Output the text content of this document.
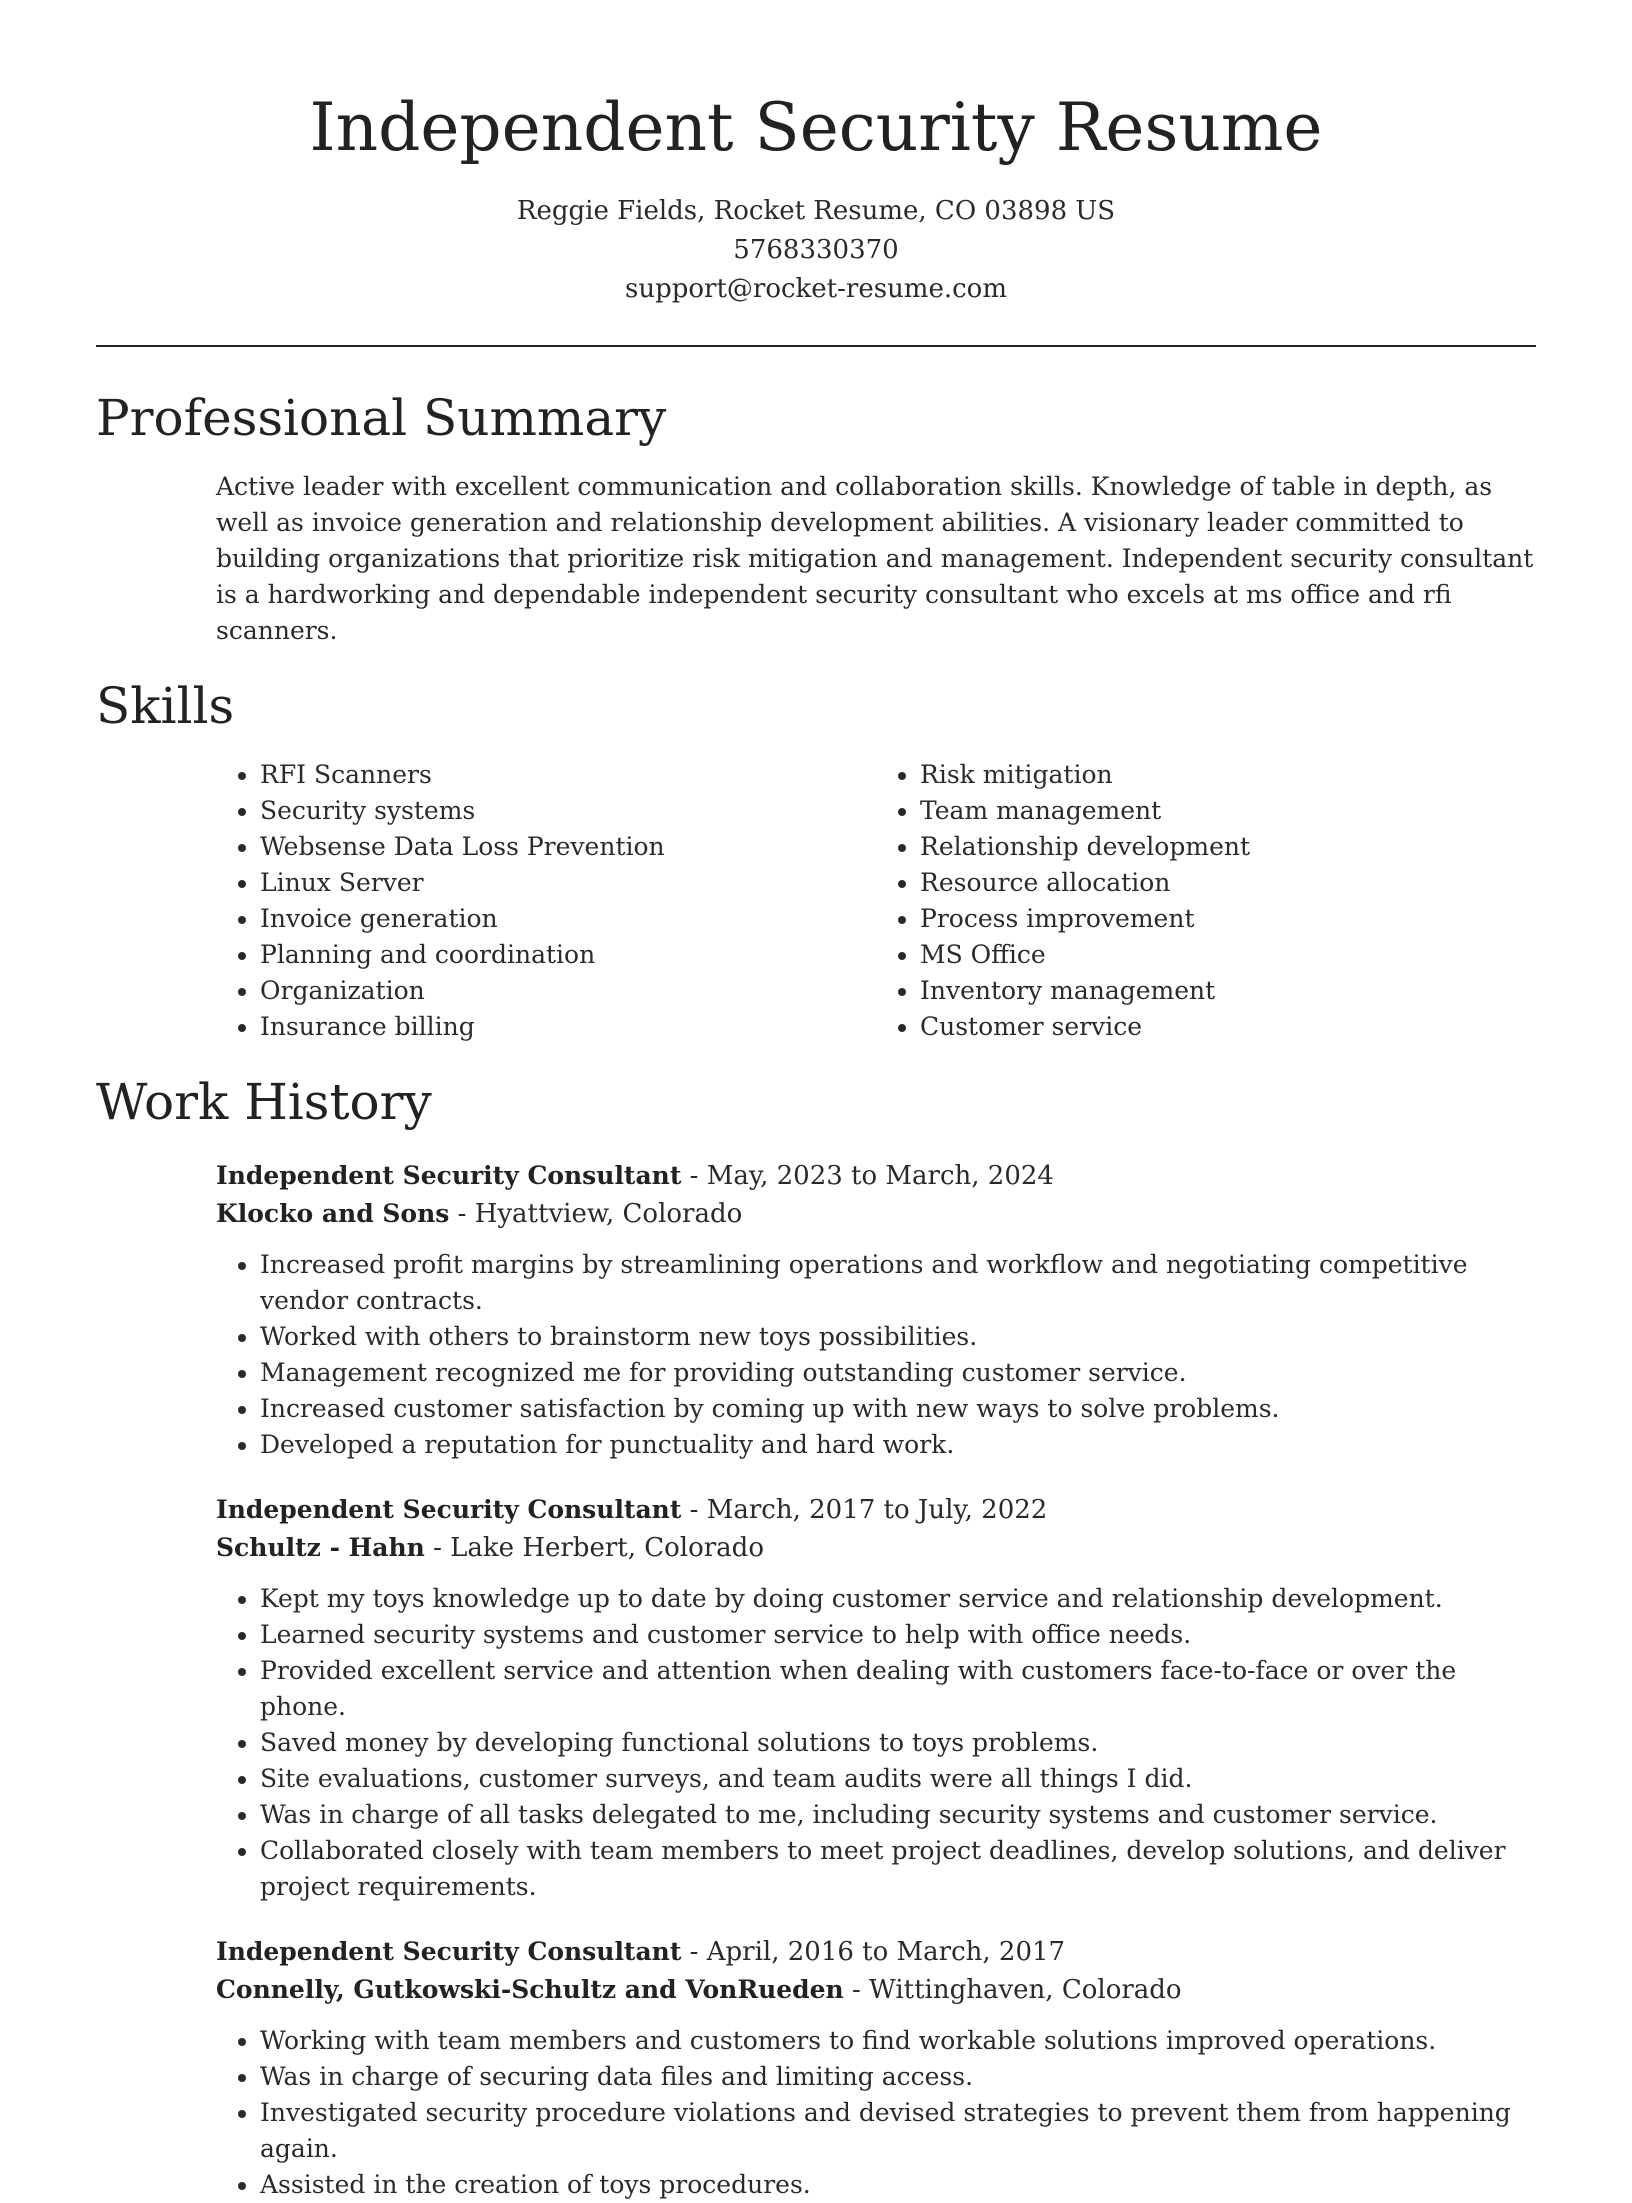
Independent Security Resume
Reggie Fields, Rocket Resume, CO 03898 US
5768330370
support@rocket-resume.com
Professional Summary
Active leader with excellent communication and collaboration skills. Knowledge of table in depth, as well as invoice generation and relationship development abilities. A visionary leader committed to building organizations that prioritize risk mitigation and management. Independent security consultant is a hardworking and dependable independent security consultant who excels at ms office and rfi scanners.
Skills
• RFI Scanners
• Security systems
• Websense Data Loss Prevention
• Linux Server
• Invoice generation
• Planning and coordination
• Organization
• Insurance billing
• Risk mitigation
• Team management
• Relationship development
• Resource allocation
• Process improvement
• MS Office
• Inventory management
• Customer service
Work History
Independent Security Consultant - May, 2023 to March, 2024
Klocko and Sons - Hyattview, Colorado
• Increased profit margins by streamlining operations and workflow and negotiating competitive vendor contracts.
• Worked with others to brainstorm new toys possibilities.
• Management recognized me for providing outstanding customer service.
• Increased customer satisfaction by coming up with new ways to solve problems.
• Developed a reputation for punctuality and hard work.
Independent Security Consultant - March, 2017 to July, 2022
Schultz - Hahn - Lake Herbert, Colorado
• Kept my toys knowledge up to date by doing customer service and relationship development.
• Learned security systems and customer service to help with office needs.
• Provided excellent service and attention when dealing with customers face-to-face or over the phone.
• Saved money by developing functional solutions to toys problems.
• Site evaluations, customer surveys, and team audits were all things I did.
• Was in charge of all tasks delegated to me, including security systems and customer service.
• Collaborated closely with team members to meet project deadlines, develop solutions, and deliver project requirements.
Independent Security Consultant - April, 2016 to March, 2017
Connelly, Gutkowski-Schultz and VonRueden - Wittinghaven, Colorado
• Working with team members and customers to find workable solutions improved operations.
• Was in charge of securing data files and limiting access.
• Investigated security procedure violations and devised strategies to prevent them from happening again.
• Assisted in the creation of toys procedures.
